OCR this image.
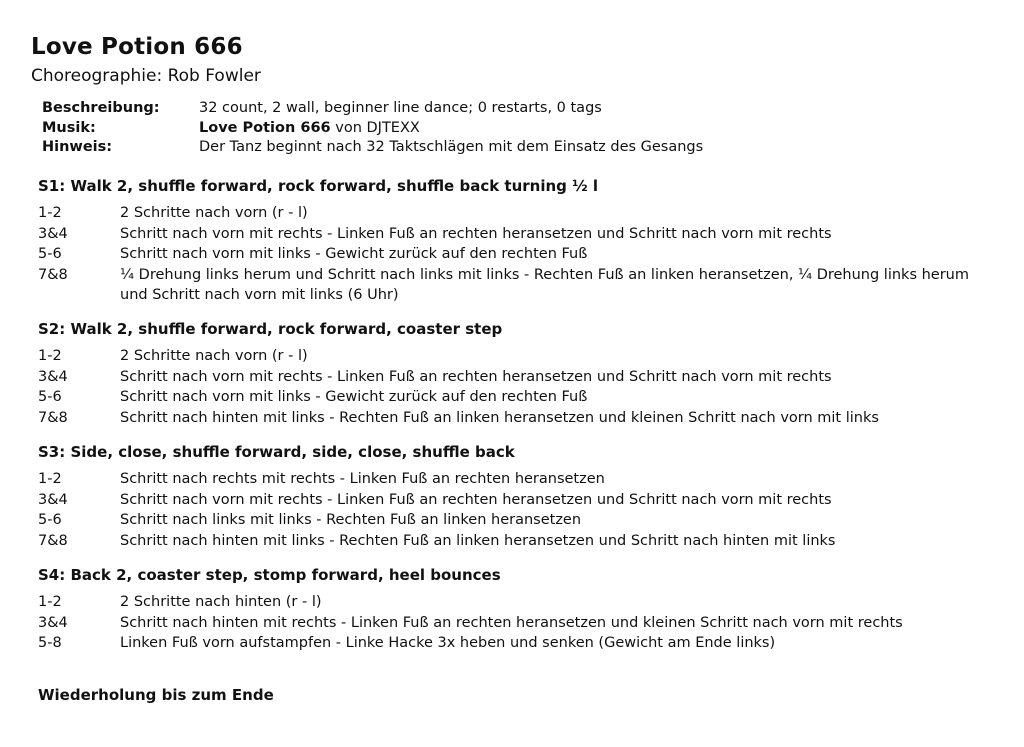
Love Potion 666
Choreographie: Rob Fowler
Beschreibung:	32 count, 2 wall, beginner line dance; 0 restarts, 0 tags
Musik:	Love Potion 666 von DJTEXX
Hinweis:	Der Tanz beginnt nach 32 Taktschlägen mit dem Einsatz des Gesangs
S1: Walk 2, shuffle forward, rock forward, shuffle back turning ½ l
1-2	2 Schritte nach vorn (r - l)
3&4	Schritt nach vorn mit rechts - Linken Fuß an rechten heransetzen und Schritt nach vorn mit rechts
5-6	Schritt nach vorn mit links - Gewicht zurück auf den rechten Fuß
7&8	¼ Drehung links herum und Schritt nach links mit links - Rechten Fuß an linken heransetzen, ¼ Drehung links herum und Schritt nach vorn mit links (6 Uhr)
S2: Walk 2, shuffle forward, rock forward, coaster step
1-2	2 Schritte nach vorn (r - l)
3&4	Schritt nach vorn mit rechts - Linken Fuß an rechten heransetzen und Schritt nach vorn mit rechts
5-6	Schritt nach vorn mit links - Gewicht zurück auf den rechten Fuß
7&8	Schritt nach hinten mit links - Rechten Fuß an linken heransetzen und kleinen Schritt nach vorn mit links
S3: Side, close, shuffle forward, side, close, shuffle back
1-2	Schritt nach rechts mit rechts - Linken Fuß an rechten heransetzen
3&4	Schritt nach vorn mit rechts - Linken Fuß an rechten heransetzen und Schritt nach vorn mit rechts
5-6	Schritt nach links mit links - Rechten Fuß an linken heransetzen
7&8	Schritt nach hinten mit links - Rechten Fuß an linken heransetzen und Schritt nach hinten mit links
S4: Back 2, coaster step, stomp forward, heel bounces
1-2	2 Schritte nach hinten (r - l)
3&4	Schritt nach hinten mit rechts - Linken Fuß an rechten heransetzen und kleinen Schritt nach vorn mit rechts
5-8	Linken Fuß vorn aufstampfen - Linke Hacke 3x heben und senken (Gewicht am Ende links)
Wiederholung bis zum Ende
